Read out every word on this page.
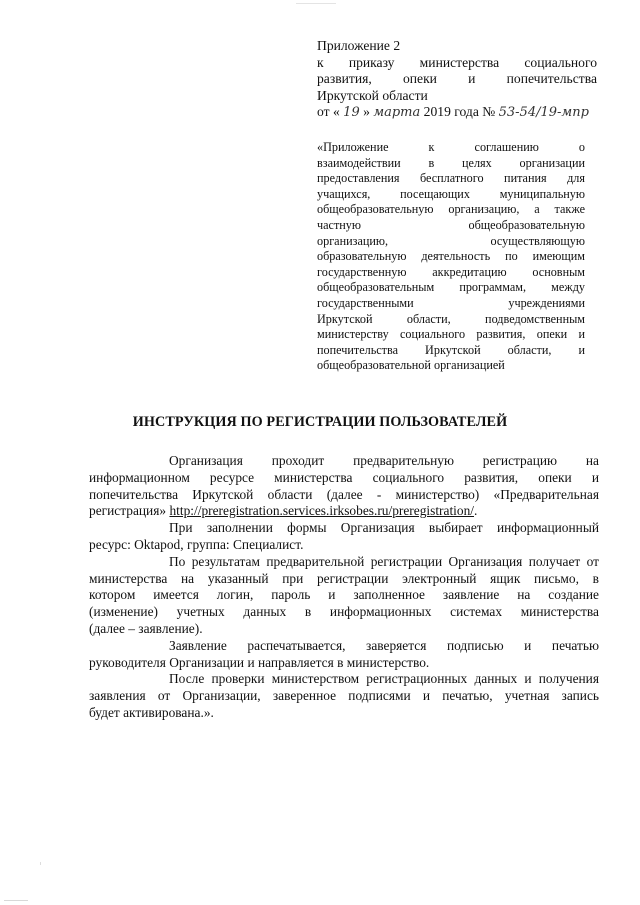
Приложение 2
к приказу министерства социального
развития, опеки и попечительства
Иркутской области
от « 19 » марта 2019 года № 53-54/19-мпр
«Приложение к соглашению о
взаимодействии в целях организации
предоставления бесплатного питания для
учащихся, посещающих муниципальную
общеобразовательную организацию, а также
частную общеобразовательную
организацию, осуществляющую
образовательную деятельность по имеющим
государственную аккредитацию основным
общеобразовательным программам, между
государственными учреждениями
Иркутской области, подведомственным
министерству социального развития, опеки и
попечительства Иркутской области, и
общеобразовательной организацией
ИНСТРУКЦИЯ ПО РЕГИСТРАЦИИ ПОЛЬЗОВАТЕЛЕЙ

Организация проходит предварительную регистрацию на
информационном ресурсе министерства социального развития, опеки и
попечительства Иркутской области (далее - министерство) «Предварительная
регистрация» http://preregistration.services.irksobes.ru/preregistration/.

При заполнении формы Организация выбирает информационный
ресурс: Oktapod, группа: Специалист.

По результатам предварительной регистрации Организация получает от
министерства на указанный при регистрации электронный ящик письмо, в
котором имеется логин, пароль и заполненное заявление на создание
(изменение) учетных данных в информационных системах министерства
(далее – заявление).

Заявление распечатывается, заверяется подписью и печатью
руководителя Организации и направляется в министерство.

После проверки министерством регистрационных данных и получения
заявления от Организации, заверенное подписями и печатью, учетная запись
будет активирована.».
